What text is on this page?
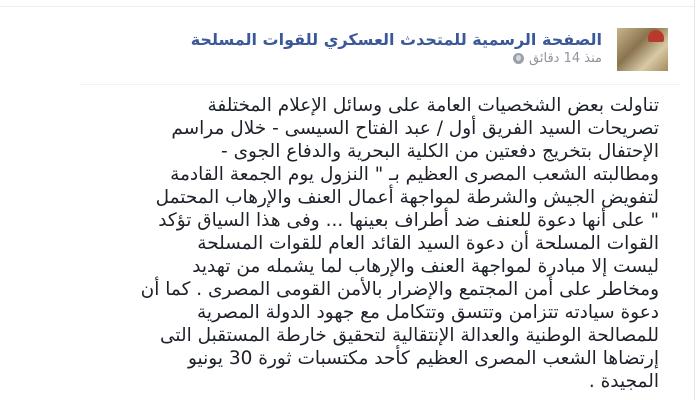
الصفحة الرسمية للمتحدث العسكري للقوات المسلحة
منذ 14 دقائق
تناولت بعض الشخصيات العامة على وسائل الإعلام المختلفة
تصريحات السيد الفريق أول / عبد الفتاح السيسى - خلال مراسم
الإحتفال بتخريج دفعتين من الكلية البحرية والدفاع الجوى -
ومطالبته الشعب المصرى العظيم بـ " النزول يوم الجمعة القادمة
لتفويض الجيش والشرطة لمواجهة أعمال العنف والإرهاب المحتمل
" على أنها دعوة للعنف ضد أطراف بعينها ... وفى هذا السياق تؤكد
القوات المسلحة أن دعوة السيد القائد العام للقوات المسلحة
ليست إلا مبادرة لمواجهة العنف والإرهاب لما يشمله من تهديد
ومخاطر على أمن المجتمع والإضرار بالأمن القومى المصرى . كما أن
دعوة سيادته تتزامن وتتسق وتتكامل مع جهود الدولة المصرية
للمصالحة الوطنية والعدالة الإنتقالية لتحقيق خارطة المستقبل التى
إرتضاها الشعب المصرى العظيم كأحد مكتسبات ثورة 30 يونيو
المجيدة .
